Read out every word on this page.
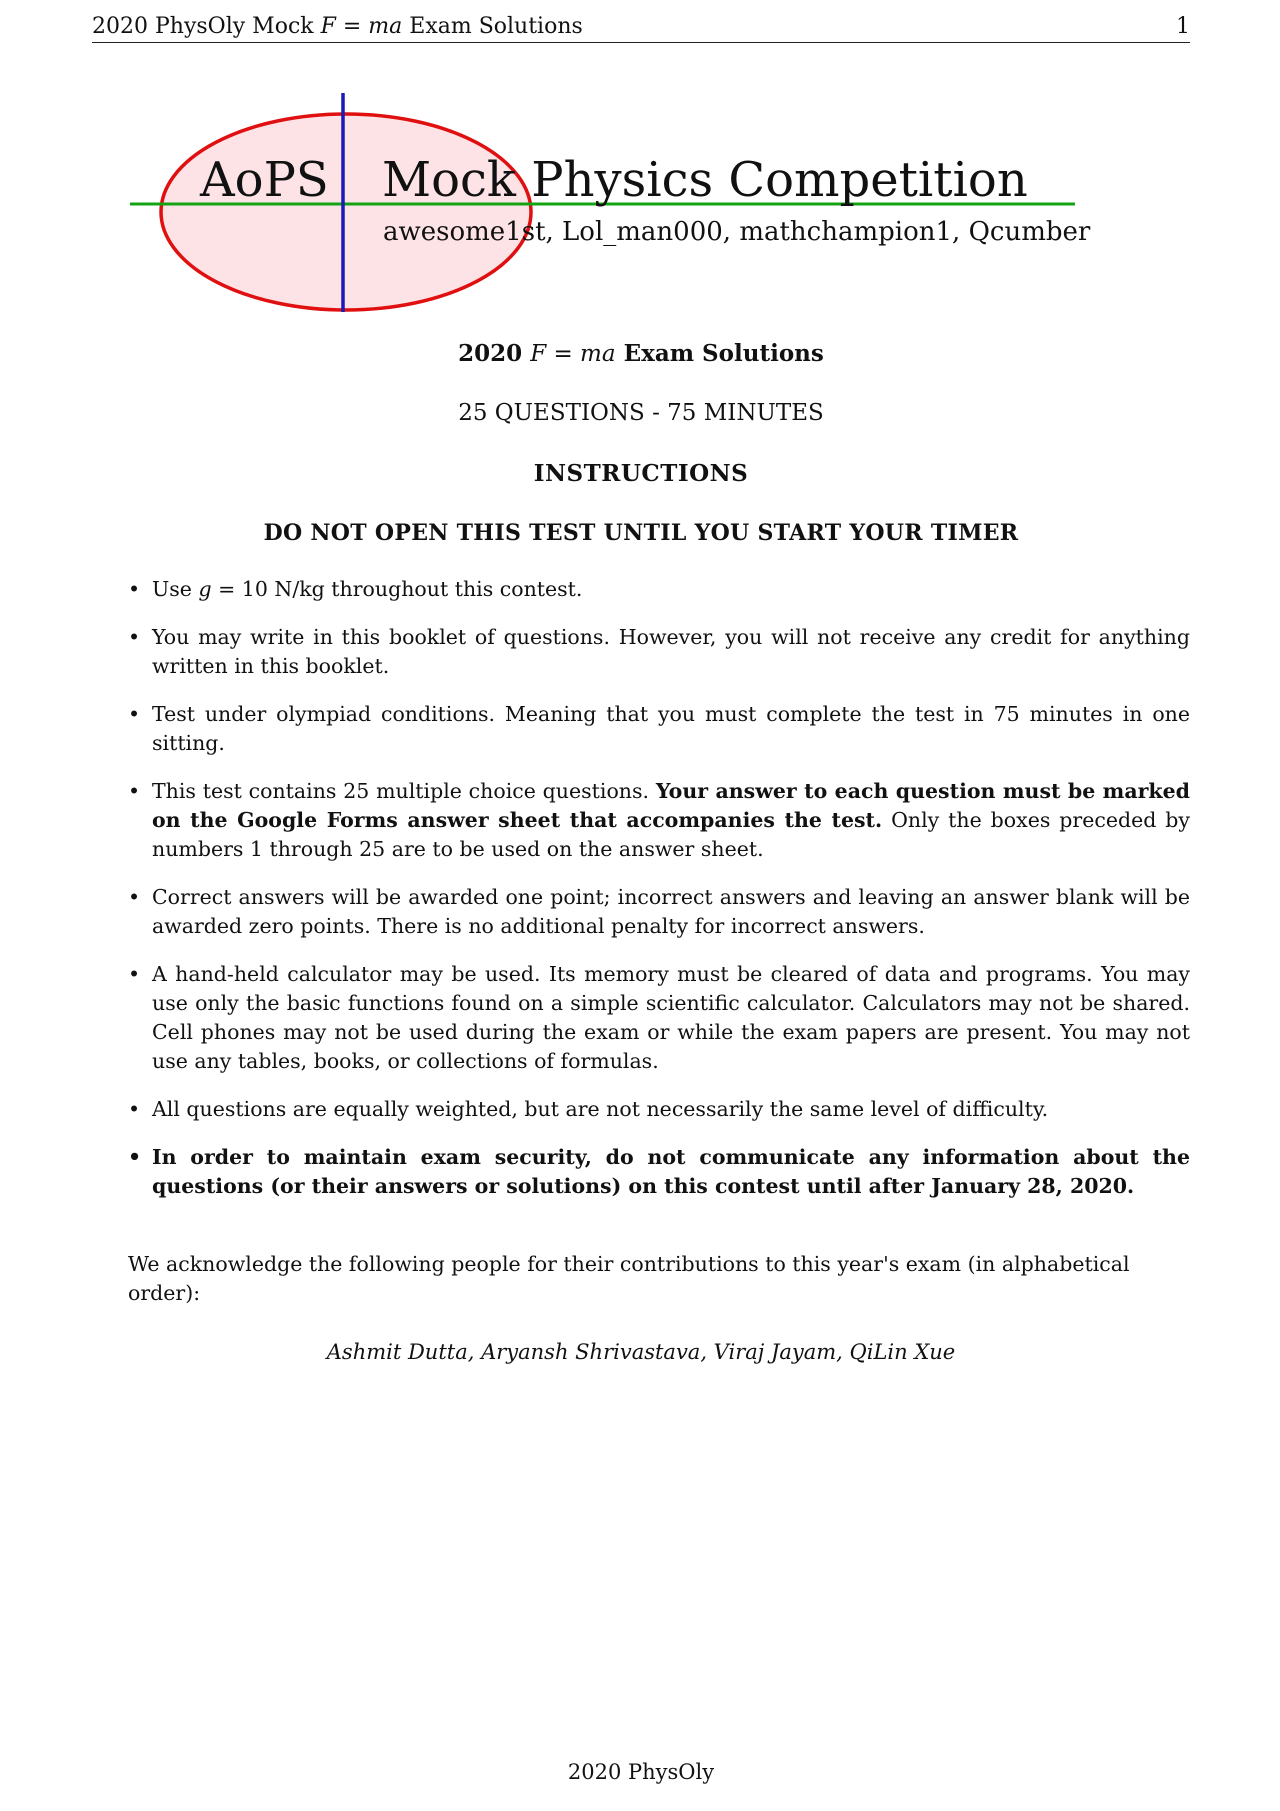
2020 PhysOly Mock F = ma Exam Solutions	1
AoPS Mock Physics Competition
awesome1st, Lol_man000, mathchampion1, Qcumber
2020 F = ma Exam Solutions
25 QUESTIONS - 75 MINUTES
INSTRUCTIONS
DO NOT OPEN THIS TEST UNTIL YOU START YOUR TIMER
• Use g = 10 N/kg throughout this contest.
• You may write in this booklet of questions. However, you will not receive any credit for anything written in this booklet.
• Test under olympiad conditions. Meaning that you must complete the test in 75 minutes in one sitting.
• This test contains 25 multiple choice questions. Your answer to each question must be marked on the Google Forms answer sheet that accompanies the test. Only the boxes preceded by numbers 1 through 25 are to be used on the answer sheet.
• Correct answers will be awarded one point; incorrect answers and leaving an answer blank will be awarded zero points. There is no additional penalty for incorrect answers.
• A hand-held calculator may be used. Its memory must be cleared of data and programs. You may use only the basic functions found on a simple scientific calculator. Calculators may not be shared. Cell phones may not be used during the exam or while the exam papers are present. You may not use any tables, books, or collections of formulas.
• All questions are equally weighted, but are not necessarily the same level of difficulty.
• In order to maintain exam security, do not communicate any information about the questions (or their answers or solutions) on this contest until after January 28, 2020.
We acknowledge the following people for their contributions to this year's exam (in alphabetical order):
Ashmit Dutta, Aryansh Shrivastava, Viraj Jayam, QiLin Xue
2020 PhysOly
